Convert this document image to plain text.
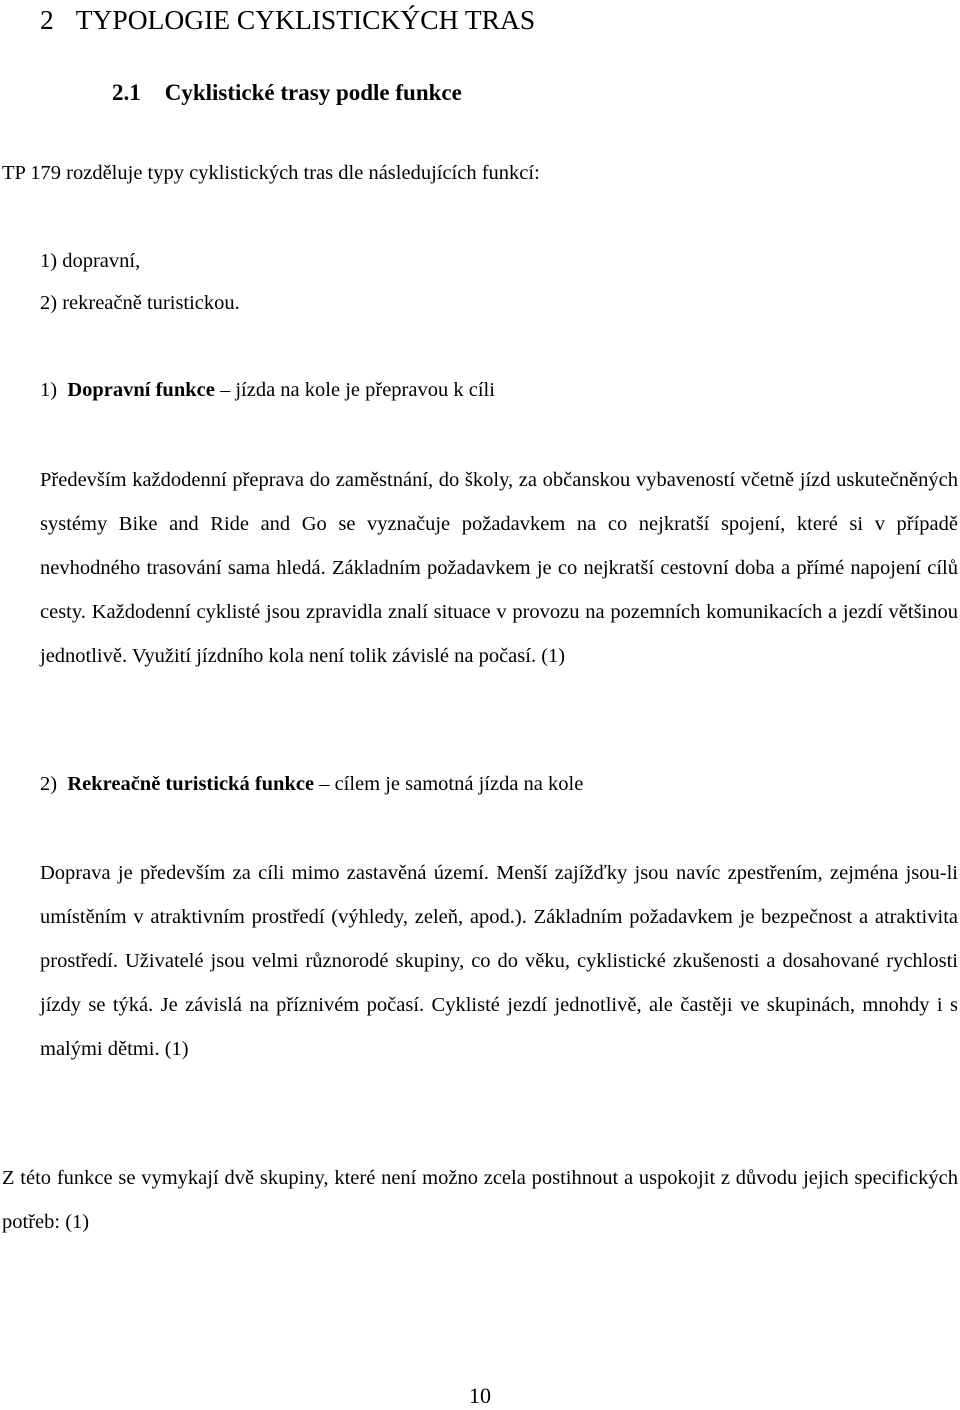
2 TYPOLOGIE CYKLISTICKÝCH TRAS
2.1 Cyklistické trasy podle funkce
TP 179 rozděluje typy cyklistických tras dle následujících funkcí:
1) dopravní,
2) rekreačně turistickou.
1)  Dopravní funkce – jízda na kole je přepravou k cíli
Především každodenní přeprava do zaměstnání, do školy, za občanskou vybaveností včetně jízd uskutečněných systémy Bike and Ride and Go se vyznačuje požadavkem na co nejkratší spojení, které si v případě nevhodného trasování sama hledá. Základním požadavkem je co nejkratší cestovní doba a přímé napojení cílů cesty. Každodenní cyklisté jsou zpravidla znalí situace v provozu na pozemních komunikacích a jezdí většinou jednotlivě. Využití jízdního kola není tolik závislé na počasí. (1)
2)  Rekreačně turistická funkce – cílem je samotná jízda na kole
Doprava je především za cíli mimo zastavěná území. Menší zajížďky jsou navíc zpestřením, zejména jsou-li umístěním v atraktivním prostředí (výhledy, zeleň, apod.). Základním požadavkem je bezpečnost a atraktivita prostředí. Uživatelé jsou velmi různorodé skupiny, co do věku, cyklistické zkušenosti a dosahované rychlosti jízdy se týká. Je závislá na příznivém počasí. Cyklisté jezdí jednotlivě, ale častěji ve skupinách, mnohdy i s malými dětmi. (1)
Z této funkce se vymykají dvě skupiny, které není možno zcela postihnout a uspokojit z důvodu jejich specifických potřeb: (1)
10
